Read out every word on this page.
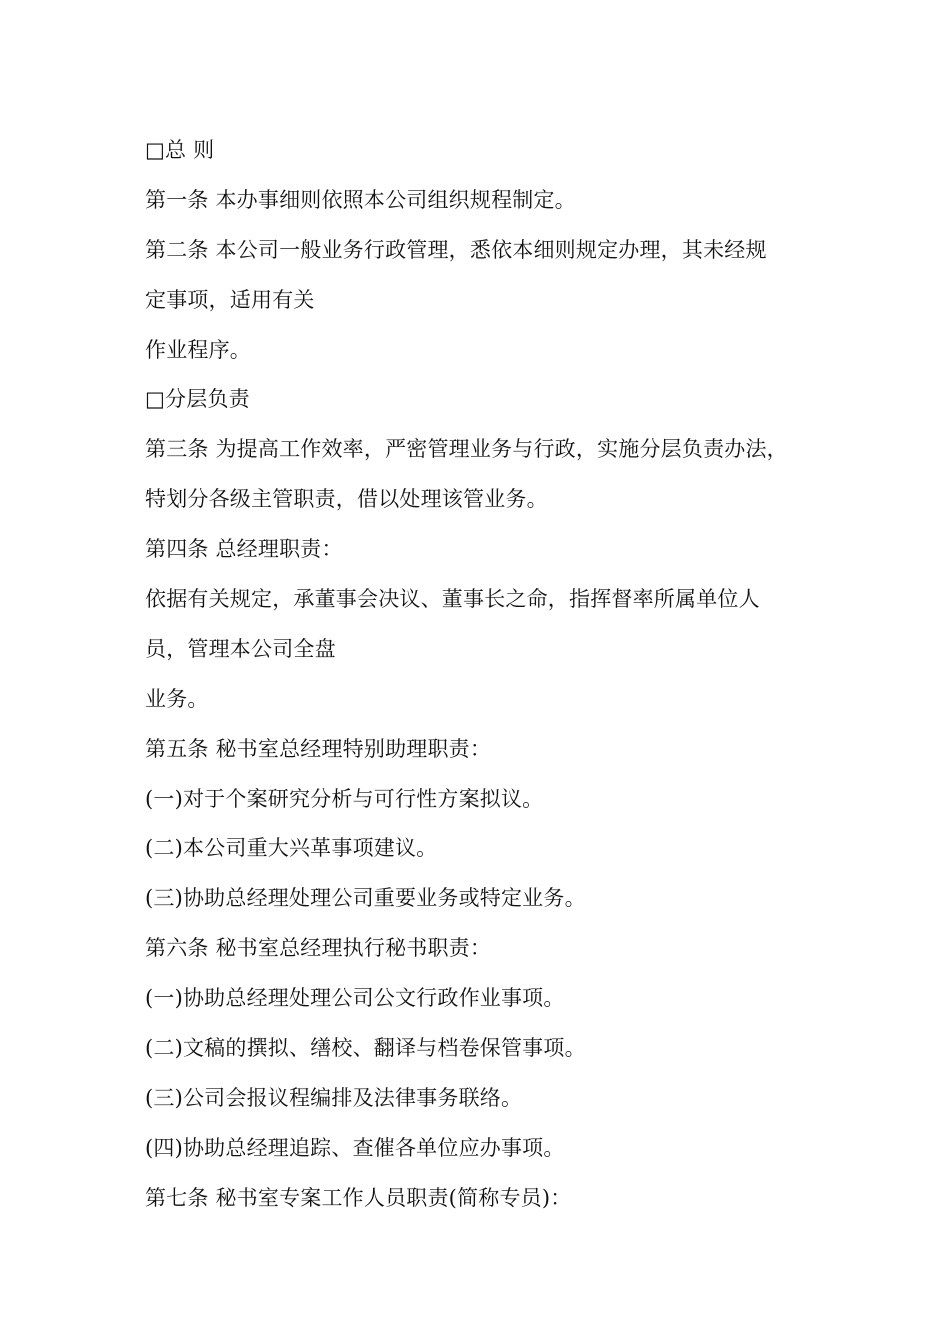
□总 则
第一条 本办事细则依照本公司组织规程制定。
第二条 本公司一般业务行政管理，悉依本细则规定办理，其未经规
定事项，适用有关
作业程序。
□分层负责
第三条 为提高工作效率，严密管理业务与行政，实施分层负责办法，
特划分各级主管职责，借以处理该管业务。
第四条 总经理职责：
依据有关规定，承董事会决议、董事长之命，指挥督率所属单位人
员，管理本公司全盘
业务。
第五条 秘书室总经理特别助理职责：
(一)对于个案研究分析与可行性方案拟议。
(二)本公司重大兴革事项建议。
(三)协助总经理处理公司重要业务或特定业务。
第六条 秘书室总经理执行秘书职责：
(一)协助总经理处理公司公文行政作业事项。
(二)文稿的撰拟、缮校、翻译与档卷保管事项。
(三)公司会报议程编排及法律事务联络。
(四)协助总经理追踪、查催各单位应办事项。
第七条 秘书室专案工作人员职责(简称专员)：
